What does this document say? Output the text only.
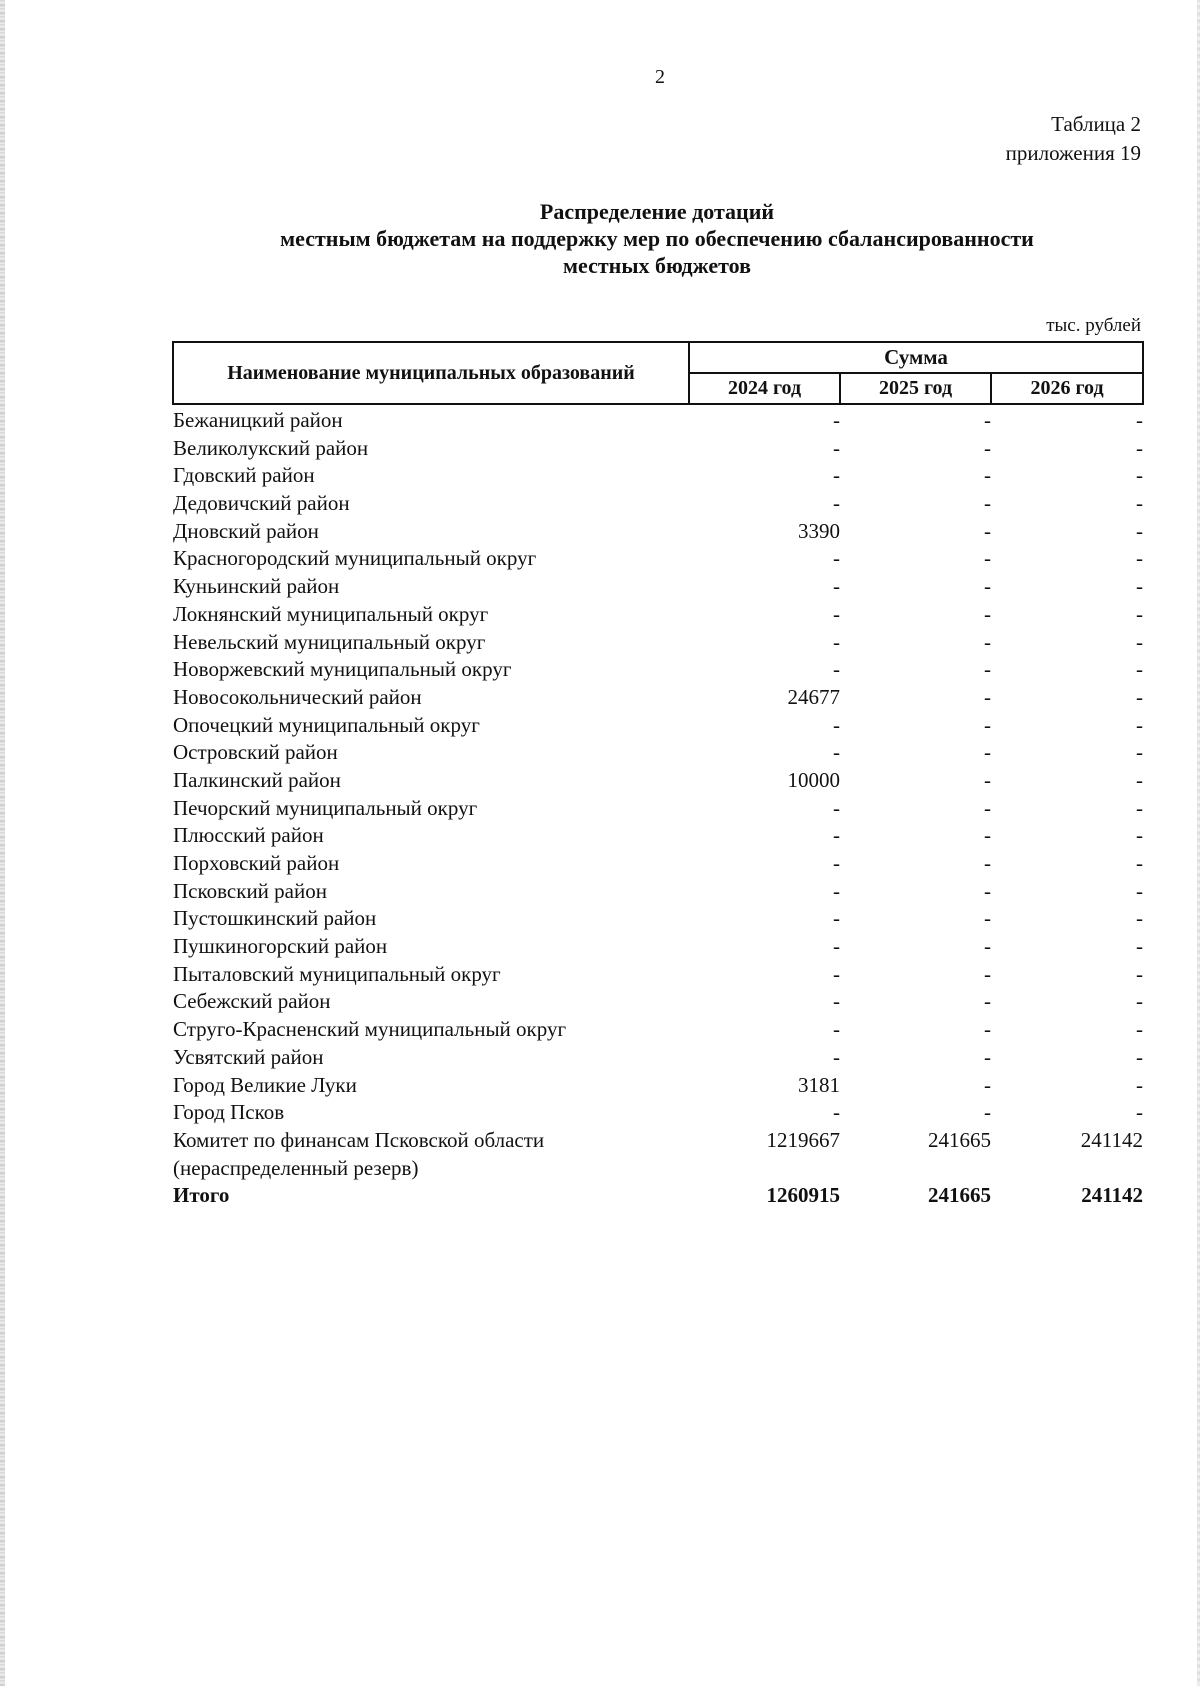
2
Таблица 2
приложения 19
Распределение дотаций
местным бюджетам на поддержку мер по обеспечению сбалансированности
местных бюджетов
тыс. рублей
Наименование муниципальных образований	Сумма		
	2024 год	2025 год	2026 год
Бежаницкий район	-	-	-
Великолукский район	-	-	-
Гдовский район	-	-	-
Дедовичский район	-	-	-
Дновский район	3390	-	-
Красногородский муниципальный округ	-	-	-
Куньинский район	-	-	-
Локнянский муниципальный округ	-	-	-
Невельский муниципальный округ	-	-	-
Новоржевский муниципальный округ	-	-	-
Новосокольнический район	24677	-	-
Опочецкий муниципальный округ	-	-	-
Островский район	-	-	-
Палкинский район	10000	-	-
Печорский муниципальный округ	-	-	-
Плюсский район	-	-	-
Порховский район	-	-	-
Псковский район	-	-	-
Пустошкинский район	-	-	-
Пушкиногорский район	-	-	-
Пыталовский муниципальный округ	-	-	-
Себежский район	-	-	-
Струго-Красненский муниципальный округ	-	-	-
Усвятский район	-	-	-
Город Великие Луки	3181	-	-
Город Псков	-	-	-
Комитет по финансам Псковской области	1219667	241665	241142
(нераспределенный резерв)			
Итого	1260915	241665	241142
